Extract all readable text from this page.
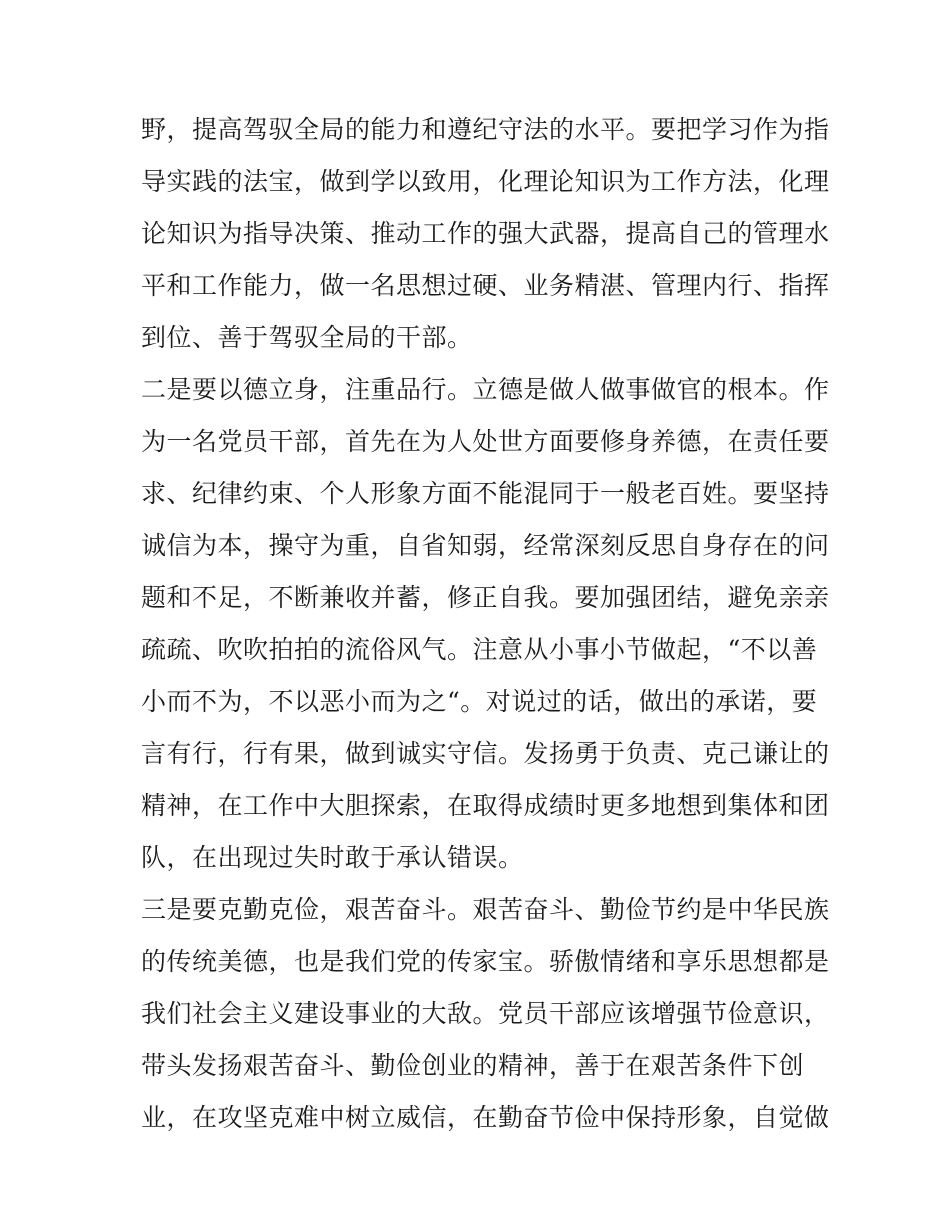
野，提高驾驭全局的能力和遵纪守法的水平。要把学习作为指
导实践的法宝，做到学以致用，化理论知识为工作方法，化理
论知识为指导决策、推动工作的强大武器，提高自己的管理水
平和工作能力，做一名思想过硬、业务精湛、管理内行、指挥
到位、善于驾驭全局的干部。
二是要以德立身，注重品行。立德是做人做事做官的根本。作
为一名党员干部，首先在为人处世方面要修身养德，在责任要
求、纪律约束、个人形象方面不能混同于一般老百姓。要坚持
诚信为本，操守为重，自省知弱，经常深刻反思自身存在的问
题和不足，不断兼收并蓄，修正自我。要加强团结，避免亲亲
疏疏、吹吹拍拍的流俗风气。注意从小事小节做起，“不以善
小而不为，不以恶小而为之“。对说过的话，做出的承诺，要
言有行，行有果，做到诚实守信。发扬勇于负责、克己谦让的
精神，在工作中大胆探索，在取得成绩时更多地想到集体和团
队，在出现过失时敢于承认错误。
三是要克勤克俭，艰苦奋斗。艰苦奋斗、勤俭节约是中华民族
的传统美德，也是我们党的传家宝。骄傲情绪和享乐思想都是
我们社会主义建设事业的大敌。党员干部应该增强节俭意识，
带头发扬艰苦奋斗、勤俭创业的精神，善于在艰苦条件下创
业，在攻坚克难中树立威信，在勤奋节俭中保持形象，自觉做
